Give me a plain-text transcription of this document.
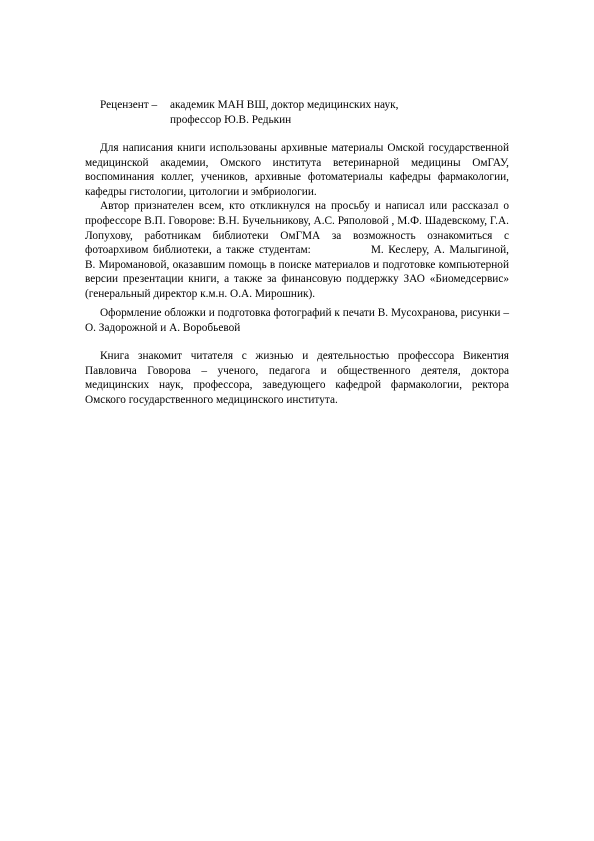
Рецензент –	академик МАН ВШ, доктор медицинских наук,
профессор Ю.В. Редькин

Для написания книги использованы архивные материалы Омской государственной медицинской академии, Омского института ветеринарной медицины ОмГАУ, воспоминания коллег, учеников, архивные фотоматериалы кафедры фармакологии, кафедры гистологии, цитологии и эмбриологии.

Автор признателен всем, кто откликнулся на просьбу и написал или рассказал о профессоре В.П. Говорове: В.Н. Бучельникову, А.С. Ряполовой , М.Ф. Шадевскому, Г.А. Лопухову, работникам библиотеки ОмГМА за возможность ознакомиться с фотоархивом библиотеки, а также студентам:	М. Кеслеру, А. Малыгиной, В. Миромановой, оказавшим помощь в поиске материалов и подготовке компьютерной версии презентации книги, а также за финансовую поддержку ЗАО «Биомедсервис» (генеральный директор к.м.н. О.А. Мирошник).

Оформление обложки и подготовка фотографий к печати В. Мусохранова, рисунки – О. Задорожной и А. Воробьевой

Книга знакомит читателя с жизнью и деятельностью профессора Викентия Павловича Говорова – ученого, педагога и общественного деятеля, доктора медицинских наук, профессора, заведующего кафедрой фармакологии, ректора Омского государственного медицинского института.
